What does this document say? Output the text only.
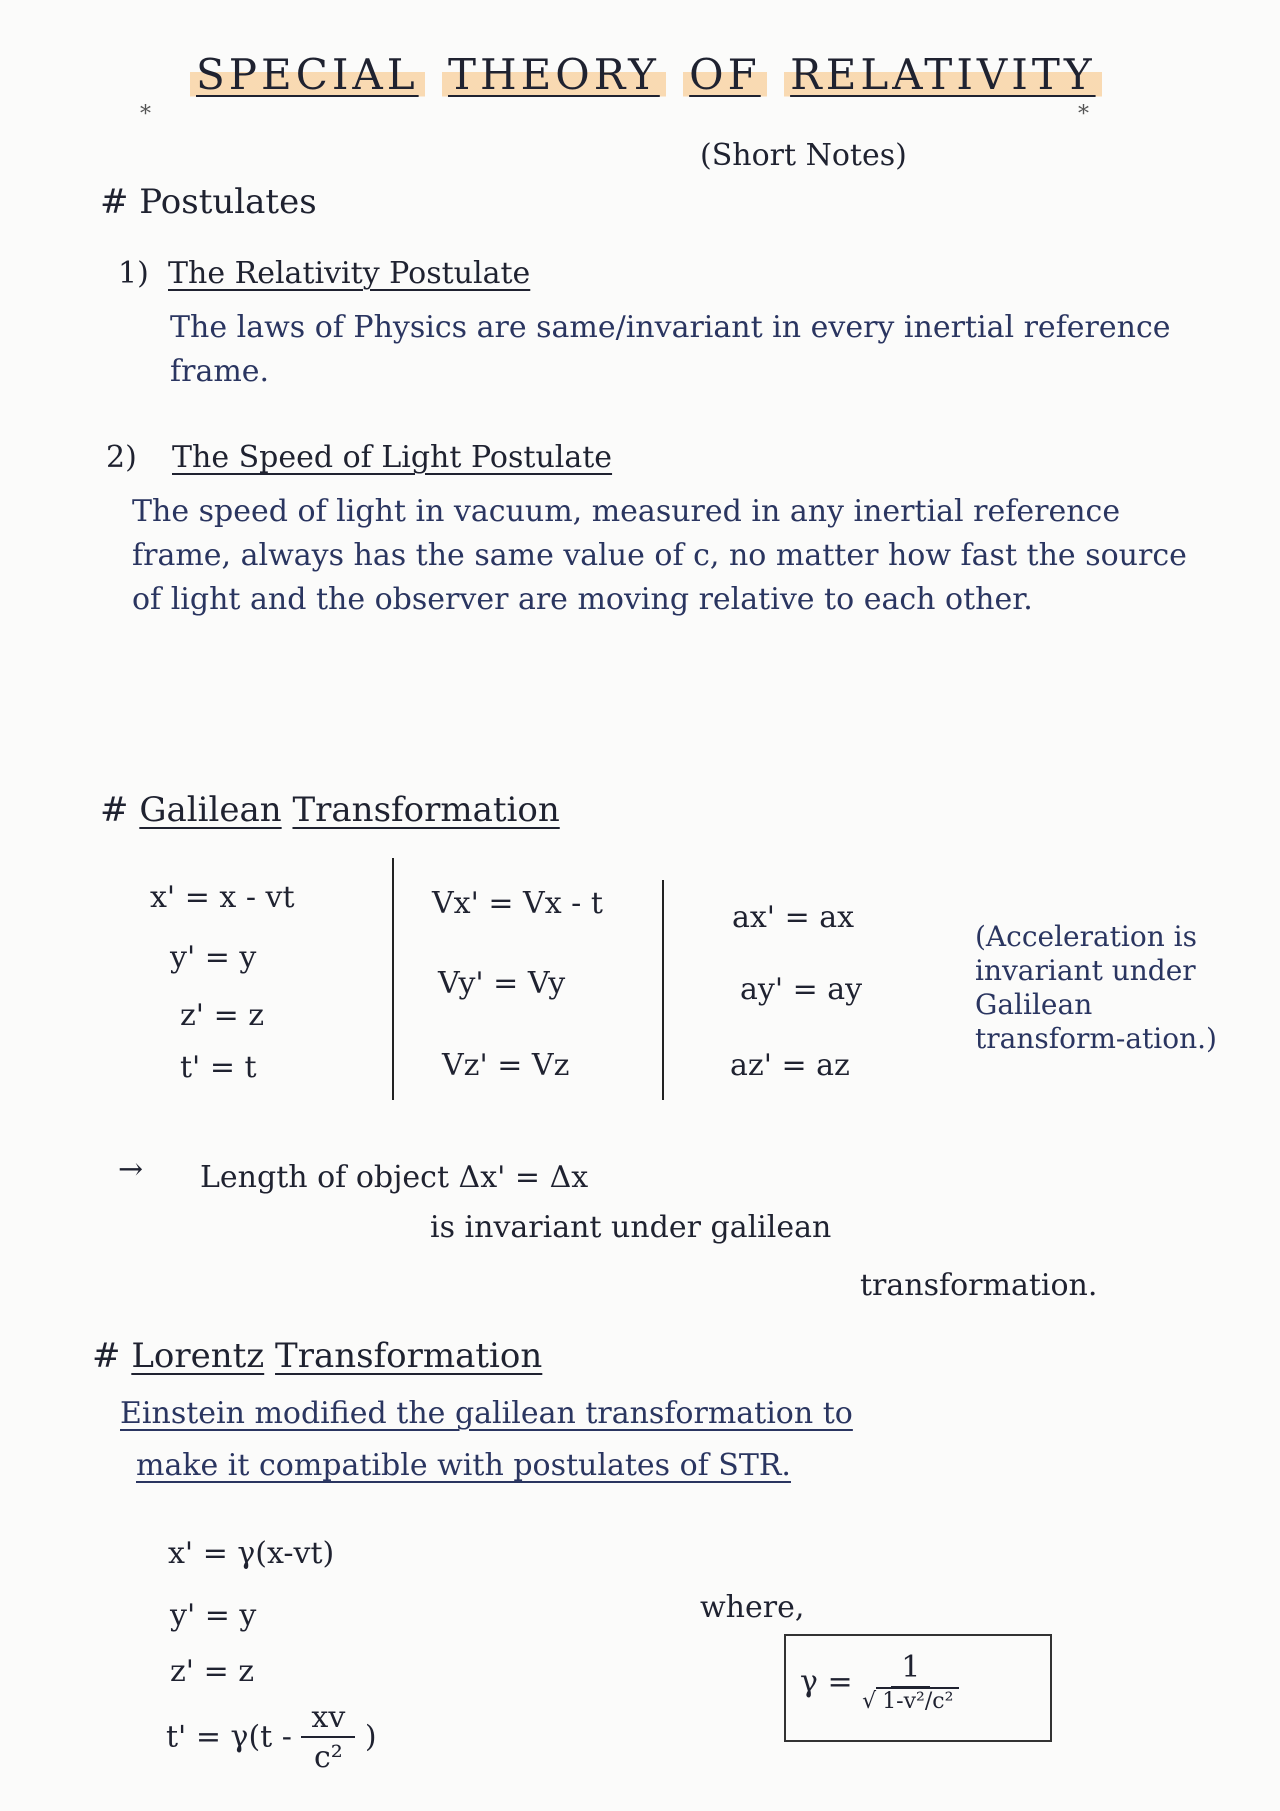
*
SPECIAL THEORY OF RELATIVITY
*
(Short Notes)
# Postulates
1) The Relativity Postulate
The laws of Physics are same/invariant in every inertial reference frame.
2) The Speed of Light Postulate
The speed of light in vacuum, measured in any inertial reference frame, always has the same value of c, no matter how fast the source of light and the observer are moving relative to each other.
# Galilean Transformation
x' = x - vt
y' = y
z' = z
t' = t
Vx' = Vx - t
Vy' = Vy
Vz' = Vz
ax' = ax
ay' = ay
az' = az
(Acceleration is invariant under Galilean transform-ation.)
→ Length of object Δx' = Δx
is invariant under galilean
transformation.
# Lorentz Transformation
Einstein modified the galilean transformation to
make it compatible with postulates of STR.
x' = γ(x-vt)
y' = y
z' = z
$t' = \gamma(t - \frac{xv}{\text{c²}}$ )
where,
$\gamma = \frac{1}{\text{√ 1-v²/c²}}$
